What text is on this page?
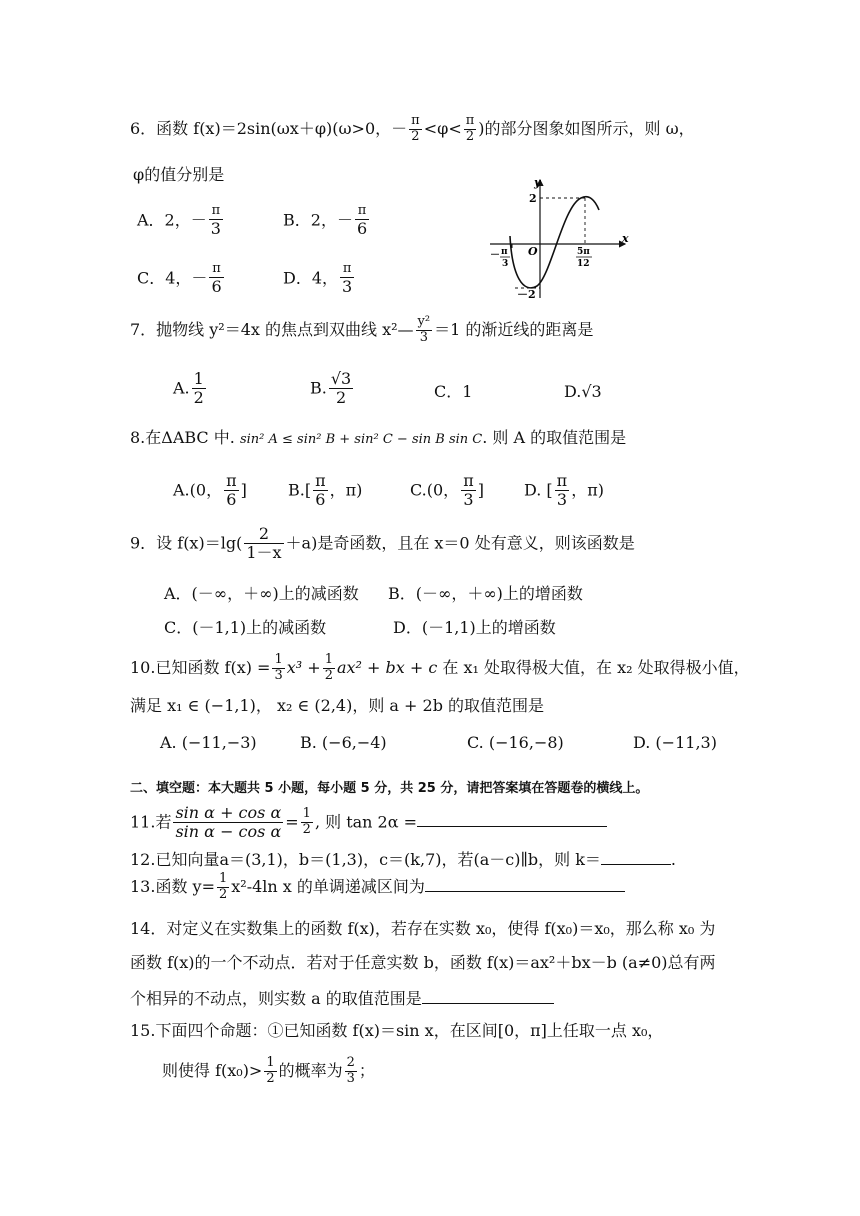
6．函数 f(x)＝2sin(ωx＋φ)(ω>0，－ $\frac{\pi}{2} <\varphi< \frac{\pi}{2}$ )的部分图象如图所示，则 ω，
φ的值分别是
A．2，－ $\frac{\pi}{3}$	B．2，－ $\frac{\pi}{6}$
C．4，－ $\frac{\pi}{6}$	D．4， $\frac{\pi}{3}$
y
x
O
2
－2
－ π
3
5π
12
7．抛物线 y²＝4x 的焦点到双曲线 x²— $\frac{\text{y²}}{3} =1$ 的渐近线的距离是
A. $\frac{1}{2}$	B. $\frac{√3}{2}$	C．1	D.√3
8.在ΔABC 中. sin² A ≤ sin² B + sin² C − sin B sin C. 则 A 的取值范围是
A.(0， $\frac{\pi}{6}$ ]	$B.[ \frac{\pi}{6}$ ，π)	C.(0， $\frac{\pi}{3}$ ]	D. [ $\frac{\pi}{3}$ ，π)
9．设 $f(x)=\lg( \frac{2}{1-x} +a)$是奇函数，且在 x＝0 处有意义，则该函数是
A．(－∞，＋∞)上的减函数 B．(－∞，＋∞)上的增函数
C．(－1,1)上的减函数	D．(－1,1)上的增函数
10.已知函数 $f(x) = \frac{1}{3} x^3 + \frac{1}{2} ax^2$ + bx + c 在 x₁ 处取得极大值，在 x₂ 处取得极小值，
满足 x₁ ∈ (−1,1)， x₂ ∈ (2,4)，则 a + 2b 的取值范围是
A. (−11,−3)	B. (−6,−4)	C. (−16,−8)	D. (−11,3)
二、填空题：本大题共 5 小题，每小题 5 分，共 25 分，请把答案填在答题卷的横线上。
11.若 $\frac{\text{sin α + cos α}}{\text{sin α − cos α}} = \frac{1}{2}$ , 则 tan 2α =
12.已知向量a＝(3,1)，b＝(1,3)，c＝(k,7)，若(a－c)∥b，则 k＝	.
13.函数 $y= \frac{1}{2} x^2-4\ln$ x 的单调递减区间为
14．对定义在实数集上的函数 f(x)，若存在实数 x₀，使得 f(x₀)＝x₀，那么称 x₀ 为
函数 f(x)的一个不动点．若对于任意实数 b，函数 f(x)＝ax²＋bx－b (a≠0)总有两
个相异的不动点，则实数 a 的取值范围是
15.下面四个命题：①已知函数 f(x)＝sin x，在区间[0，π]上任取一点 x₀，
则使得 $f(x_0)> \frac{1}{2}$ 的概率为 $\frac{2}{3}$ ；
